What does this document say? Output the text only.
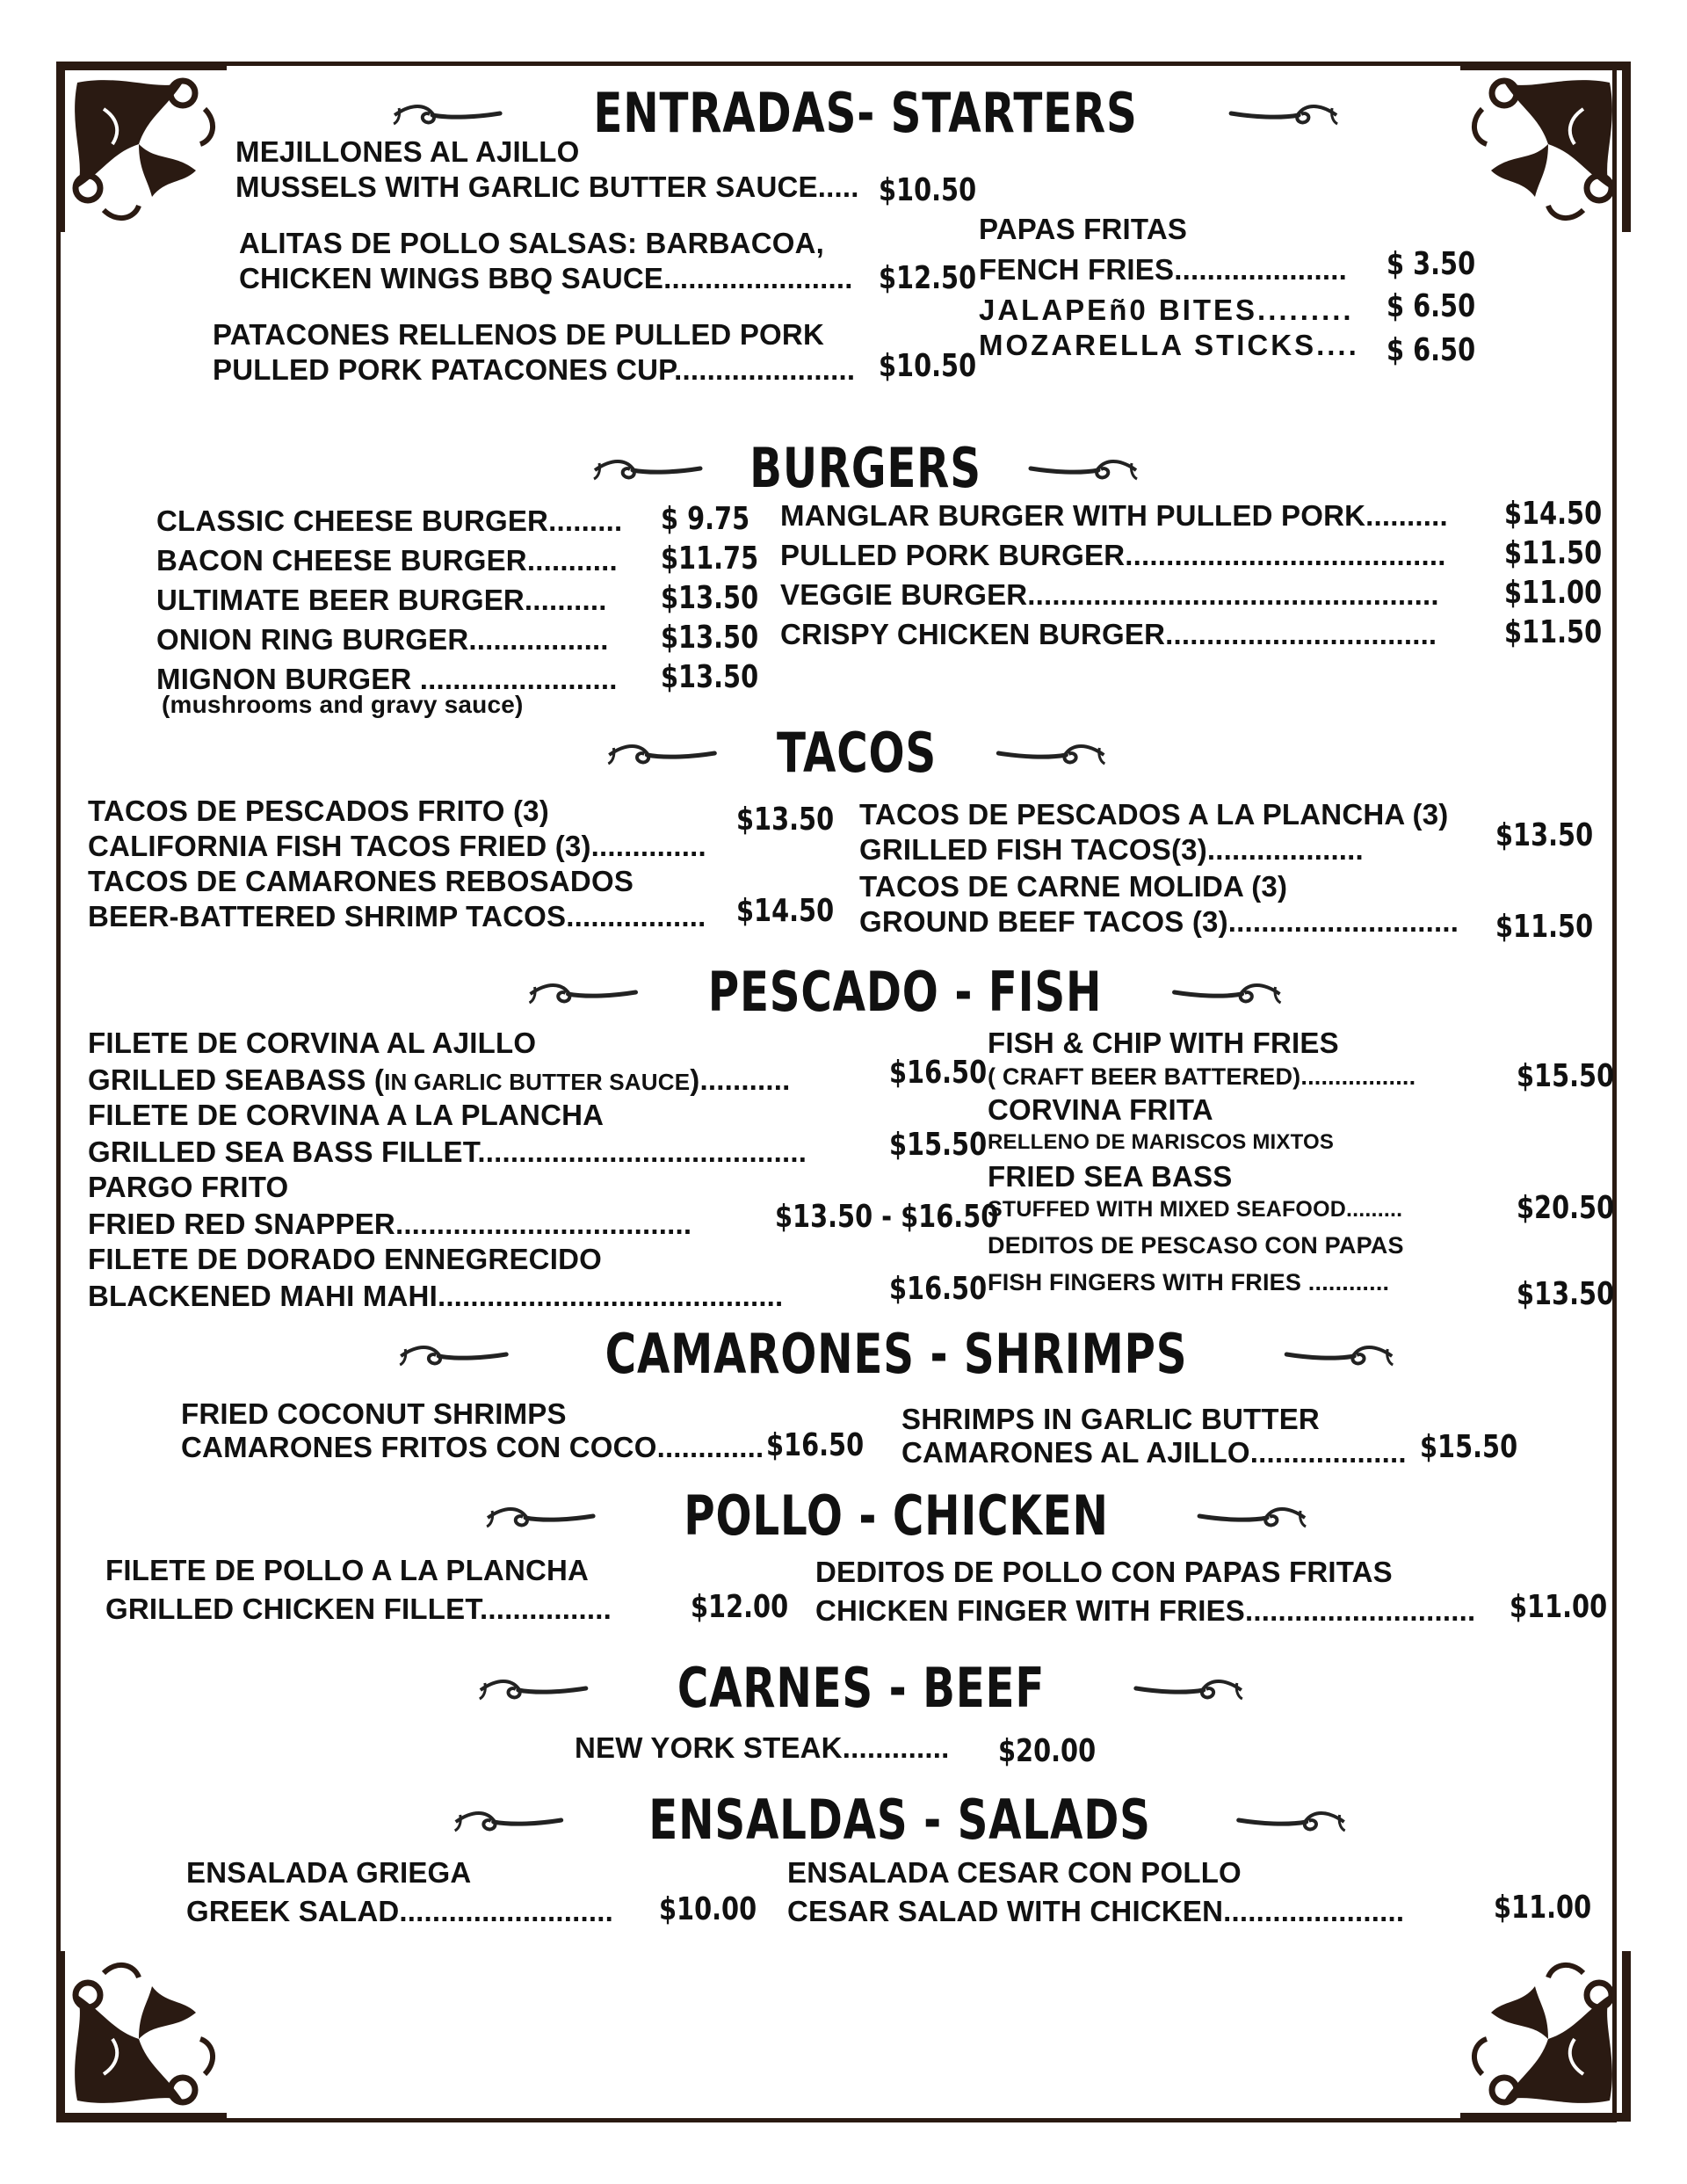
ENTRADAS- STARTERS
MEJILLONES AL AJILLO
MUSSELS WITH GARLIC BUTTER SAUCE..... $10.50
ALITAS DE POLLO SALSAS: BARBACOA,
CHICKEN WINGS BBQ SAUCE....................... $12.50
PATACONES RELLENOS DE PULLED PORK
PULLED PORK PATACONES CUP...................... $10.50
PAPAS FRITAS
FENCH FRIES..................... $ 3.50
JALAPEñ0 BITES......... $ 6.50
MOZARELLA STICKS.... $ 6.50
BURGERS
CLASSIC CHEESE BURGER......... $ 9.75
BACON CHEESE BURGER........... $11.75
ULTIMATE BEER BURGER.......... $13.50
ONION RING BURGER................. $13.50
MIGNON BURGER ........................ $13.50
(mushrooms and gravy sauce)
MANGLAR BURGER WITH PULLED PORK.......... $14.50
PULLED PORK BURGER....................................... $11.50
VEGGIE BURGER.................................................. $11.00
CRISPY CHICKEN BURGER................................. $11.50
TACOS
TACOS DE PESCADOS FRITO (3)	$13.50
CALIFORNIA FISH TACOS FRIED (3)..............
TACOS DE CAMARONES REBOSADOS
BEER-BATTERED SHRIMP TACOS................. $14.50
TACOS DE PESCADOS A LA PLANCHA (3)
GRILLED FISH TACOS(3)...................	$13.50
TACOS DE CARNE MOLIDA (3)
GROUND BEEF TACOS (3)............................ $11.50
PESCADO - FISH
FILETE DE CORVINA AL AJILLO
GRILLED SEABASS (IN GARLIC BUTTER SAUCE)...........	$16.50
FILETE DE CORVINA A LA PLANCHA
GRILLED SEA BASS FILLET........................................	$15.50
PARGO FRITO
FRIED RED SNAPPER....................................	$13.50 - $16.50
FILETE DE DORADO ENNEGRECIDO
BLACKENED MAHI MAHI..........................................	$16.50
FISH & CHIP WITH FRIES
( CRAFT BEER BATTERED).................	$15.50
CORVINA FRITA
RELLENO DE MARISCOS MIXTOS
FRIED SEA BASS
STUFFED WITH MIXED SEAFOOD.........	$20.50
DEDITOS DE PESCASO CON PAPAS
FISH FINGERS WITH FRIES ............	$13.50
CAMARONES - SHRIMPS
FRIED COCONUT SHRIMPS
CAMARONES FRITOS CON COCO............. $16.50
SHRIMPS IN GARLIC BUTTER
CAMARONES AL AJILLO................... $15.50
POLLO - CHICKEN
FILETE DE POLLO A LA PLANCHA
GRILLED CHICKEN FILLET................	$12.00
DEDITOS DE POLLO CON PAPAS FRITAS
CHICKEN FINGER WITH FRIES............................ $11.00
CARNES - BEEF
NEW YORK STEAK............. $20.00
ENSALDAS - SALADS
ENSALADA GRIEGA
GREEK SALAD.......................... $10.00
ENSALADA CESAR CON POLLO
CESAR SALAD WITH CHICKEN......................	$11.00
